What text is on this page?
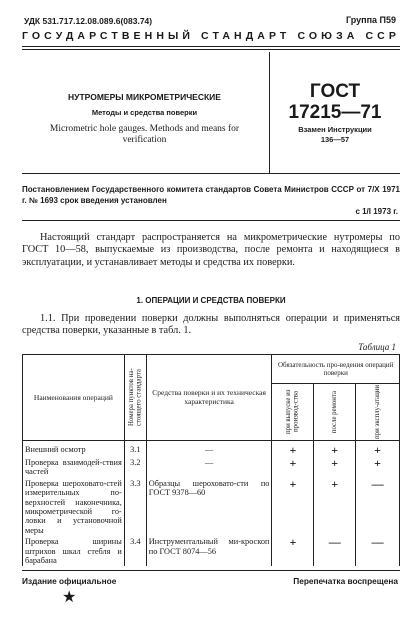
УДК 531.717.12.08.089.6(083.74)	Группа П59
ГОСУДАРСТВЕННЫЙ СТАНДАРТ СОЮЗА ССР
НУТРОМЕРЫ МИКРОМЕТРИЧЕСКИЕ
Методы и средства поверки
Micrometric hole gauges. Methods and means for
verification
ГОСТ
17215—71
Взамен Инструкции
136—57
Постановлением Государственного комитета стандартов Совета Министров СССР от 7/X 1971 г. № 1693 срок введения установлен
с 1/I 1973 г.
Настоящий стандарт распространяется на микрометрические нутромеры по ГОСТ 10—58, выпускаемые из производства, после ремонта и находящиеся в эксплуатации, и устанавливает методы и средства их поверки.
1. ОПЕРАЦИИ И СРЕДСТВА ПОВЕРКИ
1.1. При проведении поверки должны выполняться операции и применяться средства поверки, указанные в табл. 1.
Таблица 1
Наименования операций	Номера пунктов на-стоящего стандарта	Средства поверки и их техническая характеристика	Обязательность про-ведения операций поверки		

			при выпуске из производ-ства	после ремонта	при эксплу-атации

Внешний осмотр	3.1	—	+	+	+
Проверка взаимодей-ствия частей	3.2	—	+	+	+
Проверка шероховато-стей измерительных по-верхностей наконечника, микрометрической го-ловки и установочной меры	3.3	Образцы шероховато-сти по ГОСТ 9378—60	+	+	—
Проверка ширины штрихов шкал стебля и барабана	3.4	Инструментальный ми-кроскоп по ГОСТ 8074—56	+	—	—
Издание официальное	Перепечатка воспрещена
★
